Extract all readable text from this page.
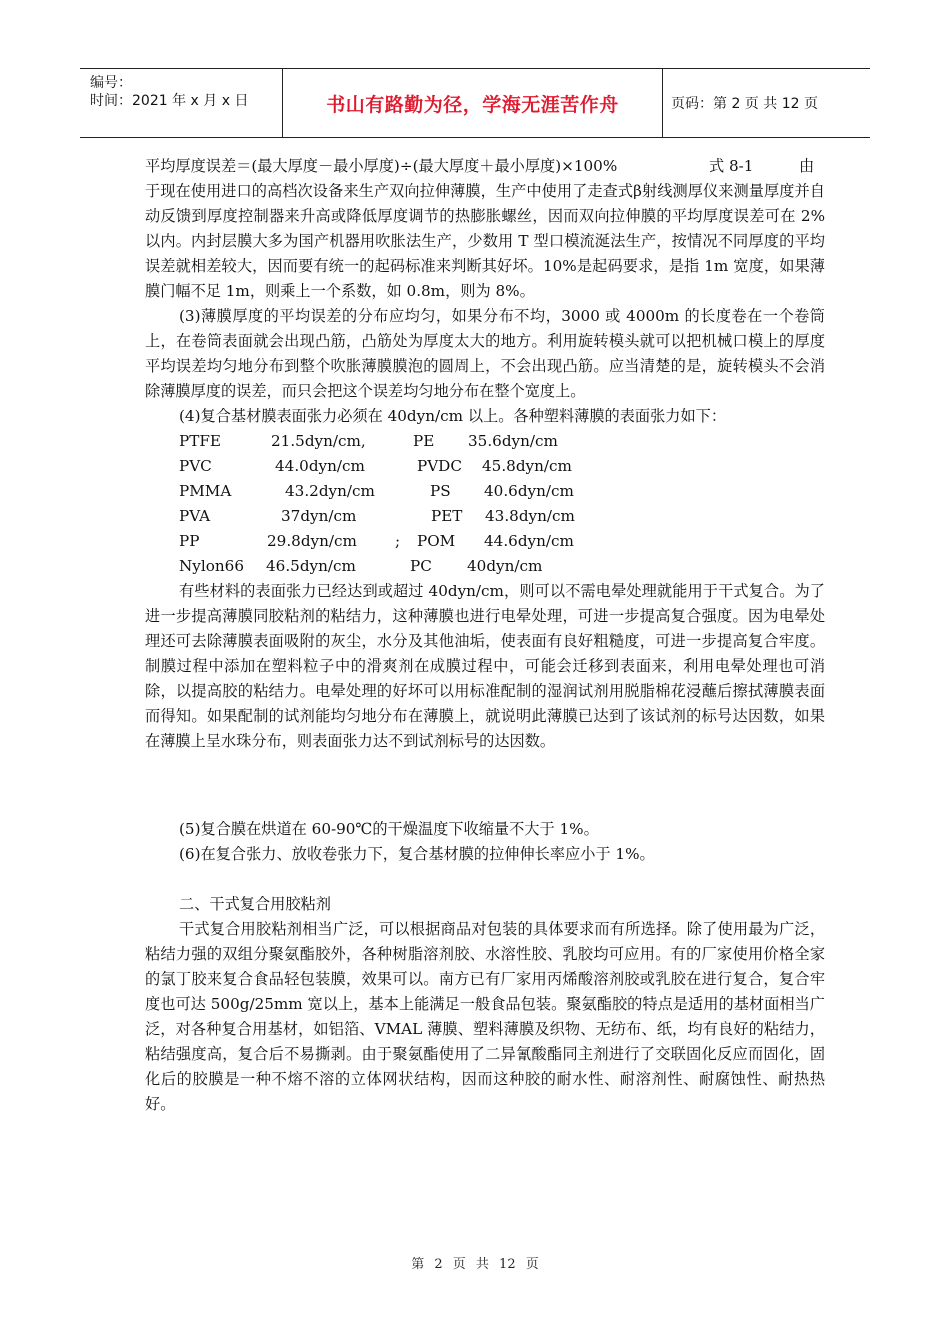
编号：
时间：2021 年 x 月 x 日	书山有路勤为径，学海无涯苦作舟	页码：第 2 页 共 12 页
平均厚度误差＝(最大厚度－最小厚度)÷(最大厚度＋最小厚度)×100%	式 8-1	由

于现在使用进口的高档次设备来生产双向拉伸薄膜，生产中使用了走查式β射线测厚仪来测量厚度并自动反馈到厚度控制器来升高或降低厚度调节的热膨胀螺丝，因而双向拉伸膜的平均厚度误差可在 2%以内。内封层膜大多为国产机器用吹胀法生产，少数用 T 型口模流涎法生产，按情况不同厚度的平均误差就相差较大，因而要有统一的起码标准来判断其好坏。10%是起码要求，是指 1m 宽度，如果薄膜门幅不足 1m，则乘上一个系数，如 0.8m，则为 8%。

(3)薄膜厚度的平均误差的分布应均匀，如果分布不均，3000 或 4000m 的长度卷在一个卷筒上，在卷筒表面就会出现凸筋，凸筋处为厚度太大的地方。利用旋转模头就可以把机械口模上的厚度平均误差均匀地分布到整个吹胀薄膜膜泡的圆周上，不会出现凸筋。应当清楚的是，旋转模头不会消除薄膜厚度的误差，而只会把这个误差均匀地分布在整个宽度上。

(4)复合基材膜表面张力必须在 40dyn/cm 以上。各种塑料薄膜的表面张力如下：

PTFE	21.5dyn/cm,	PE 35.6dyn/cm
PVC	44.0dyn/cm	PVDC 45.8dyn/cm
PMMA	43.2dyn/cm	PS 40.6dyn/cm
PVA	37dyn/cm	PET 43.8dyn/cm
PP	29.8dyn/cm	; POM 44.6dyn/cm
Nylon66 46.5dyn/cm	PC 40dyn/cm

有些材料的表面张力已经达到或超过 40dyn/cm，则可以不需电晕处理就能用于干式复合。为了进一步提高薄膜同胶粘剂的粘结力，这种薄膜也进行电晕处理，可进一步提高复合强度。因为电晕处理还可去除薄膜表面吸附的灰尘，水分及其他油垢，使表面有良好粗糙度，可进一步提高复合牢度。制膜过程中添加在塑料粒子中的滑爽剂在成膜过程中，可能会迁移到表面来，利用电晕处理也可消除，以提高胶的粘结力。电晕处理的好坏可以用标准配制的湿润试剂用脱脂棉花浸蘸后擦拭薄膜表面而得知。如果配制的试剂能均匀地分布在薄膜上，就说明此薄膜已达到了该试剂的标号达因数，如果在薄膜上呈水珠分布，则表面张力达不到试剂标号的达因数。

(5)复合膜在烘道在 60-90℃的干燥温度下收缩量不大于 1%。

(6)在复合张力、放收卷张力下，复合基材膜的拉伸伸长率应小于 1%。

二、干式复合用胶粘剂

干式复合用胶粘剂相当广泛，可以根据商品对包装的具体要求而有所选择。除了使用最为广泛，粘结力强的双组分聚氨酯胶外，各种树脂溶剂胶、水溶性胶、乳胶均可应用。有的厂家使用价格全家的氯丁胶来复合食品轻包装膜，效果可以。南方已有厂家用丙烯酸溶剂胶或乳胶在进行复合，复合牢度也可达 500g/25mm 宽以上，基本上能满足一般食品包装。聚氨酯胶的特点是适用的基材面相当广泛，对各种复合用基材，如铝箔、VMAL 薄膜、塑料薄膜及织物、无纺布、纸，均有良好的粘结力，粘结强度高，复合后不易撕剥。由于聚氨酯使用了二异氰酸酯同主剂进行了交联固化反应而固化，固化后的胶膜是一种不熔不溶的立体网状结构，因而这种胶的耐水性、耐溶剂性、耐腐蚀性、耐热热好。

第 2 页 共 12 页
